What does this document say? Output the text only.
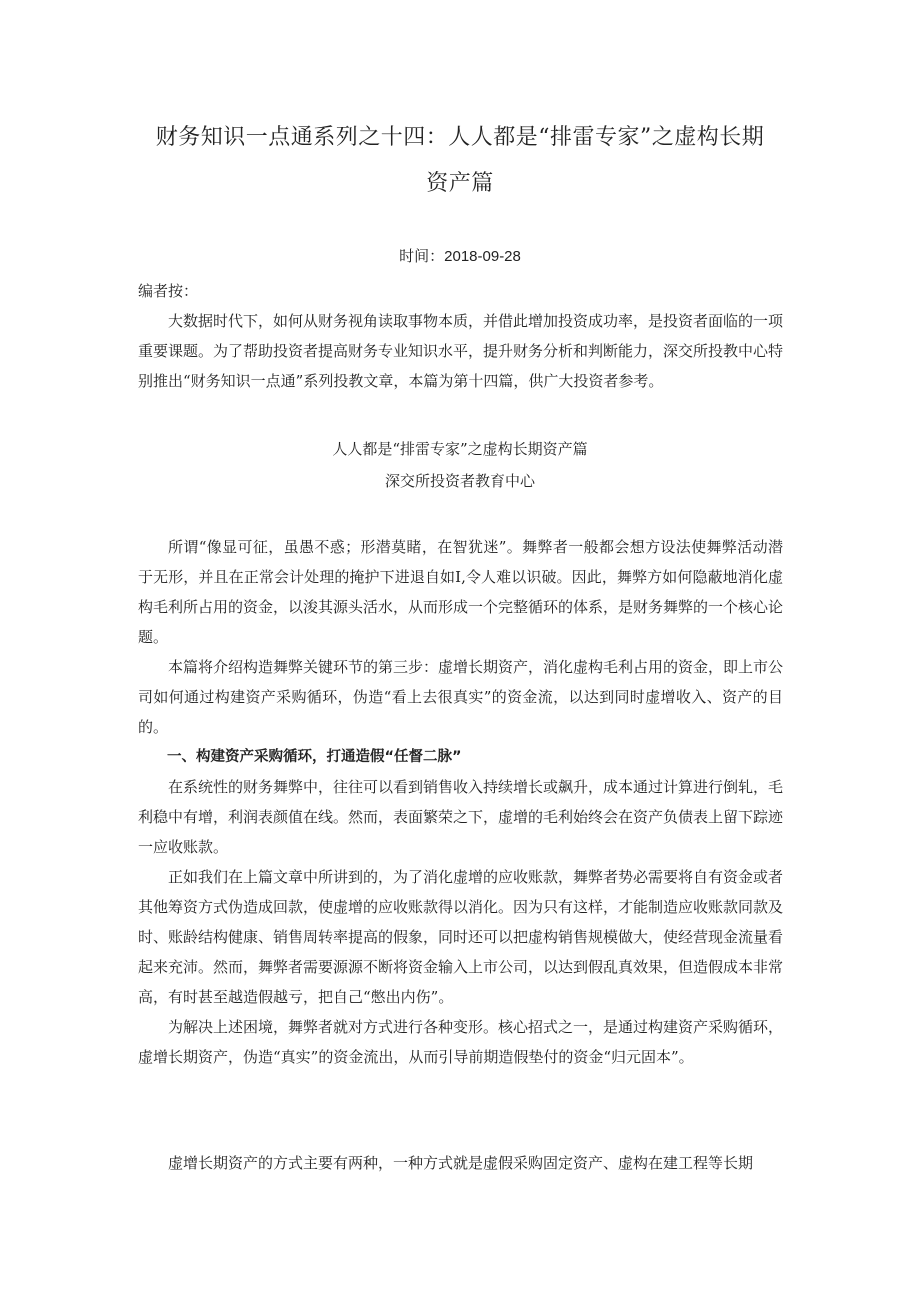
财务知识一点通系列之十四：人人都是“排雷专家”之虚构长期
资产篇
时间：2018-09-28
编者按：

大数据时代下，如何从财务视角读取事物本质，并借此增加投资成功率，是投资者面临的一项重要课题。为了帮助投资者提高财务专业知识水平，提升财务分析和判断能力，深交所投教中心特别推出“财务知识一点通”系列投教文章，本篇为第十四篇，供广大投资者参考。

人人都是“排雷专家”之虚构长期资产篇
深交所投资者教育中心

所谓“像显可征，虽愚不惑；形潜莫睹，在智犹迷”。舞弊者一般都会想方设法使舞弊活动潜于无形，并且在正常会计处理的掩护下进退自如I,令人难以识破。因此，舞弊方如何隐蔽地消化虚构毛利所占用的资金，以浚其源头活水，从而形成一个完整循环的体系，是财务舞弊的一个核心论题。

本篇将介绍构造舞弊关键环节的第三步：虚增长期资产，消化虚构毛利占用的资金，即上市公司如何通过构建资产采购循环，伪造“看上去很真实”的资金流，以达到同时虚增收入、资产的目的。

一、构建资产采购循环，打通造假“任督二脉”

在系统性的财务舞弊中，往往可以看到销售收入持续增长或飙升，成本通过计算进行倒轧，毛利稳中有增，利润表颜值在线。然而，表面繁荣之下，虚增的毛利始终会在资产负债表上留下踪迹一应收账款。

正如我们在上篇文章中所讲到的，为了消化虚增的应收账款，舞弊者势必需要将自有资金或者其他筹资方式伪造成回款，使虚增的应收账款得以消化。因为只有这样，才能制造应收账款同款及时、账龄结构健康、销售周转率提高的假象，同时还可以把虚构销售规模做大，使经营现金流量看起来充沛。然而，舞弊者需要源源不断将资金输入上市公司，以达到假乱真效果，但造假成本非常高，有时甚至越造假越亏，把自己“憋出内伤”。

为解决上述困境，舞弊者就对方式进行各种变形。核心招式之一，是通过构建资产采购循环，虚增长期资产，伪造“真实”的资金流出，从而引导前期造假垫付的资金“归元固本”。

虚增长期资产的方式主要有两种，一种方式就是虚假采购固定资产、虚构在建工程等长期
